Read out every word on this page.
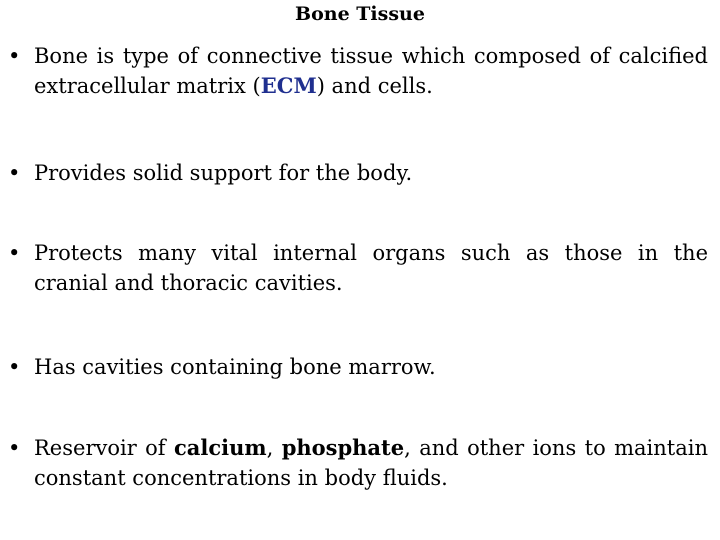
Bone Tissue
• Bone is type of connective tissue which composed of calcified extracellular matrix (ECM) and cells.
• Provides solid support for the body.
• Protects many vital internal organs such as those in the cranial and thoracic cavities.
• Has cavities containing bone marrow.
• Reservoir of calcium, phosphate, and other ions to maintain constant concentrations in body fluids.
